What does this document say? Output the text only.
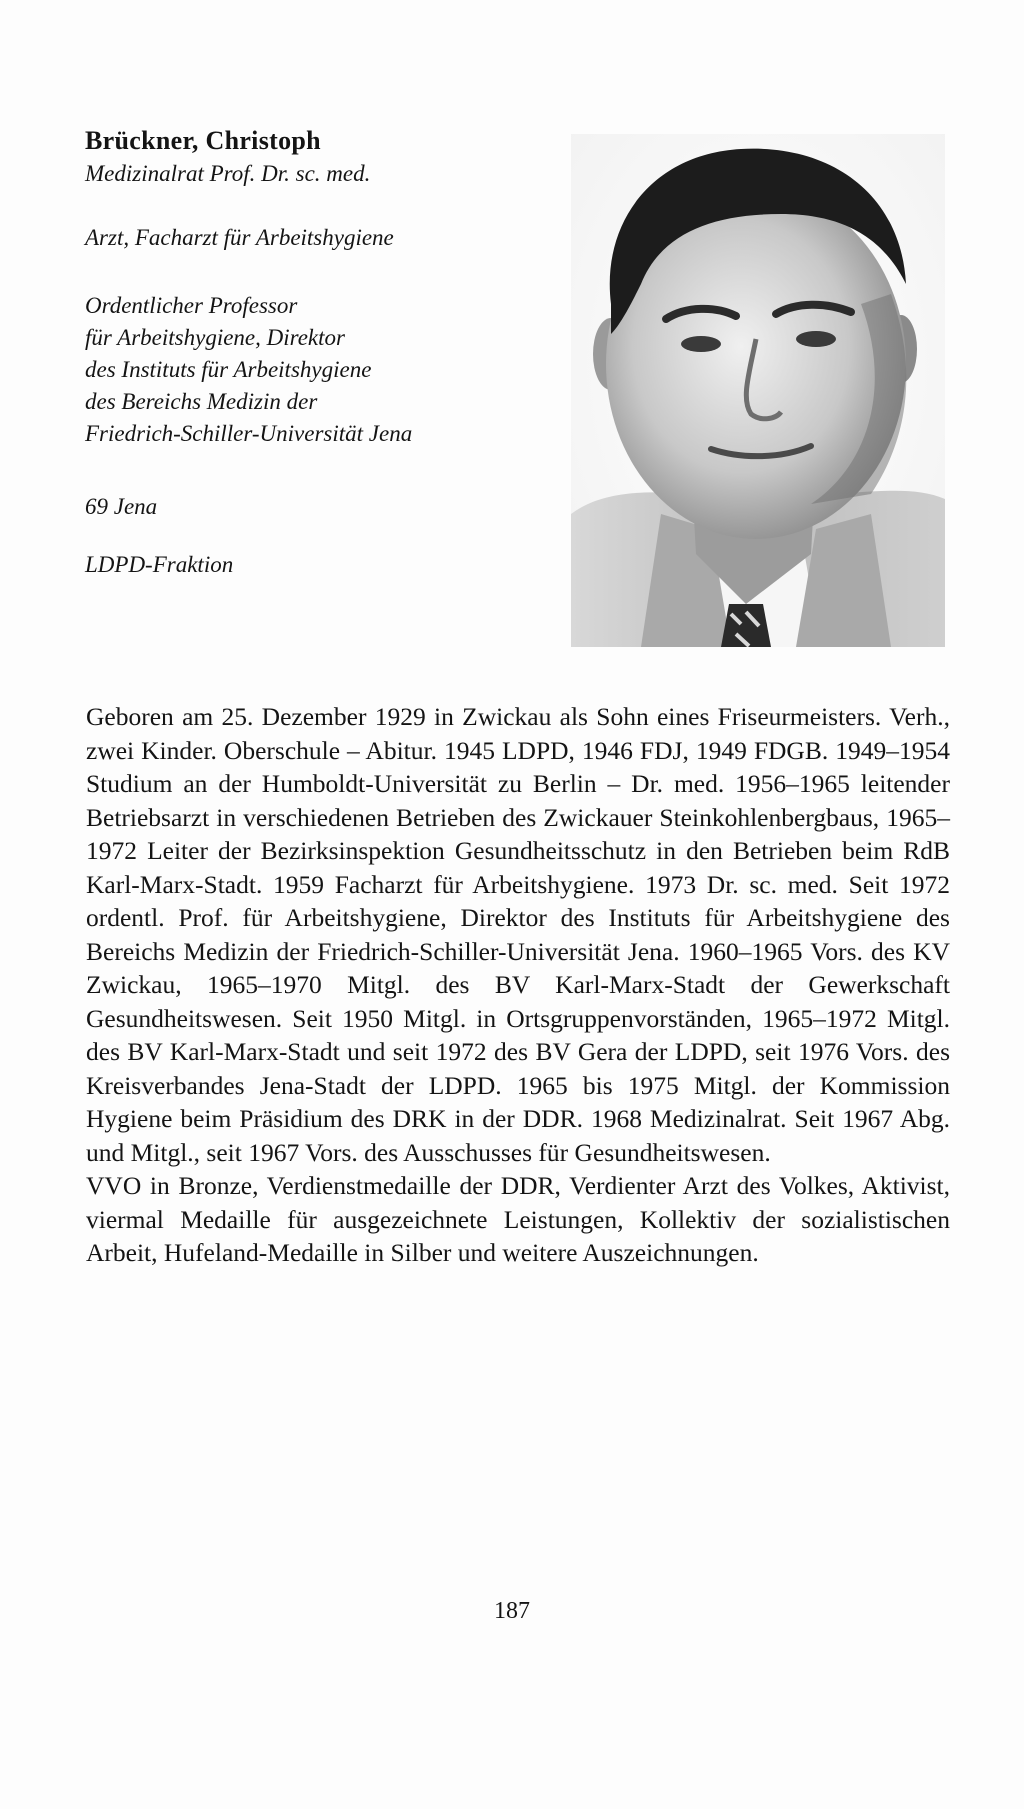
Brückner, Christoph
Medizinalrat Prof. Dr. sc. med.
Arzt, Facharzt für Arbeitshygiene
Ordentlicher Professor
für Arbeitshygiene, Direktor
des Instituts für Arbeitshygiene
des Bereichs Medizin der
Friedrich-Schiller-Universität Jena
69 Jena
LDPD-Fraktion

Geboren am 25. Dezember 1929 in Zwickau als Sohn eines Friseurmeisters. Verh., zwei Kinder. Oberschule – Abitur. 1945 LDPD, 1946 FDJ, 1949 FDGB. 1949–1954 Studium an der Humboldt-Universität zu Berlin – Dr. med. 1956–1965 leitender Betriebsarzt in verschiedenen Betrieben des Zwickauer Steinkohlenbergbaus, 1965–1972 Leiter der Bezirksinspektion Gesundheitsschutz in den Betrieben beim RdB Karl-Marx-Stadt. 1959 Facharzt für Arbeitshygiene. 1973 Dr. sc. med. Seit 1972 ordentl. Prof. für Arbeitshygiene, Direktor des Instituts für Arbeitshygiene des Bereichs Medizin der Friedrich-Schiller-Universität Jena. 1960–1965 Vors. des KV Zwickau, 1965–1970 Mitgl. des BV Karl-Marx-Stadt der Gewerkschaft Gesundheitswesen. Seit 1950 Mitgl. in Ortsgruppenvorständen, 1965–1972 Mitgl. des BV Karl-Marx-Stadt und seit 1972 des BV Gera der LDPD, seit 1976 Vors. des Kreisverbandes Jena-Stadt der LDPD. 1965 bis 1975 Mitgl. der Kommission Hygiene beim Präsidium des DRK in der DDR. 1968 Medizinalrat. Seit 1967 Abg. und Mitgl., seit 1967 Vors. des Ausschusses für Gesundheitswesen.

VVO in Bronze, Verdienstmedaille der DDR, Verdienter Arzt des Volkes, Aktivist, viermal Medaille für ausgezeichnete Leistungen, Kollektiv der sozialistischen Arbeit, Hufeland-Medaille in Silber und weitere Auszeichnungen.

187
